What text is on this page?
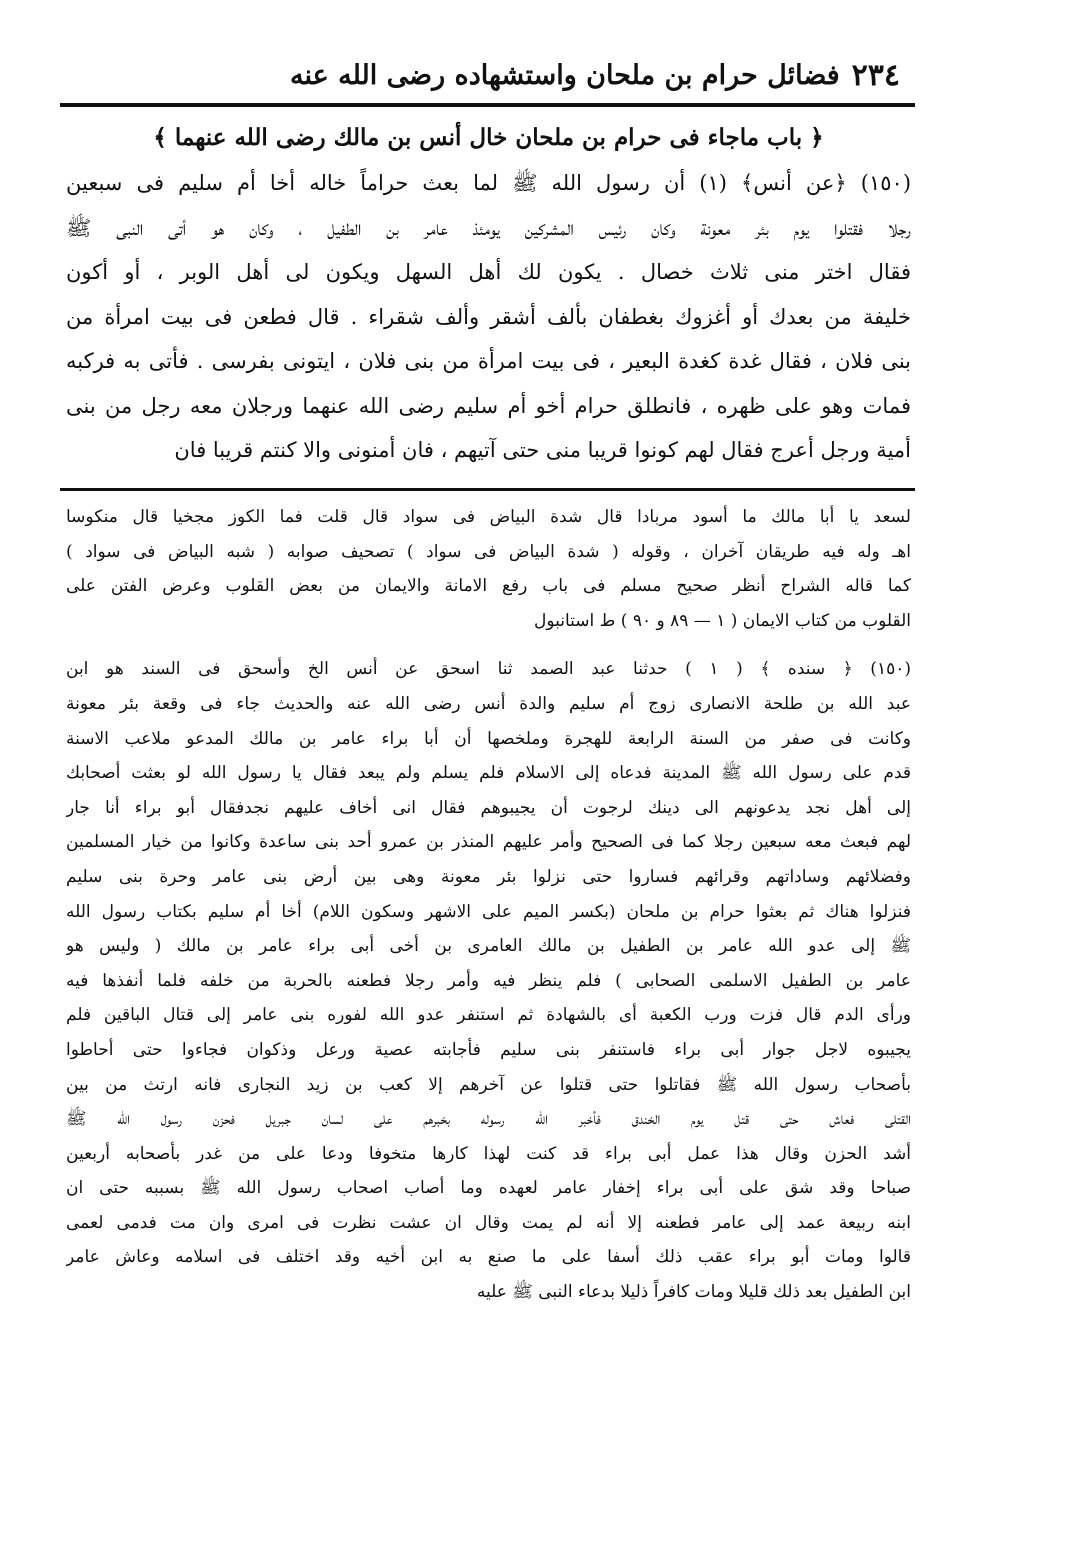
٢٣٤
فضائل حرام بن ملحان واستشهاده رضى الله عنه

﴿ باب ماجاء فى حرام بن ملحان خال أنس بن مالك رضى الله عنهما ﴾

(١٥٠) ﴿عن أنس﴾ (١) أن رسول الله ﷺ لما بعث حراماً خاله أخا أم سليم فى سبعين

رجلا فقتلوا يوم بئر معونة وكان رئيس المشركين يومئذ عامر بن الطفيل ، وكان هو أتى النبى ﷺ

فقال اختر منى ثلاث خصال . يكون لك أهل السهل ويكون لى أهل الوبر ، أو أكون

خليفة من بعدك أو أغزوك بغطفان بألف أشقر وألف شقراء . قال فطعن فى بيت امرأة من

بنى فلان ، فقال غدة كغدة البعير ، فى بيت امرأة من بنى فلان ، ايتونى بفرسى . فأتى به فركبه

فمات وهو على ظهره ، فانطلق حرام أخو أم سليم رضى الله عنهما ورجلان معه رجل من بنى

أمية ورجل أعرج فقال لهم كونوا قريبا منى حتى آتيهم ، فان أمنونى والا كنتم قريبا فان

لسعد يا أبا مالك ما أسود مربادا قال شدة البياض فى سواد قال قلت فما الكوز مجخيا قال منكوسا

اهـ وله فيه طريقان آخران ، وقوله ( شدة البياض فى سواد ) تصحيف صوابه ( شبه البياض فى سواد )

كما قاله الشراح أنظر صحيح مسلم فى باب رفع الامانة والايمان من بعض القلوب وعرض الفتن على

القلوب من كتاب الايمان ( ١ — ٨٩ و ٩٠ ) ط استانبول

(١٥٠) ﴿ سنده ﴾ ( ١ ) حدثنا عبد الصمد ثنا اسحق عن أنس الخ وأسحق فى السند هو ابن

عبد الله بن طلحة الانصارى زوج أم سليم والدة أنس رضى الله عنه والحديث جاء فى وقعة بئر معونة

وكانت فى صفر من السنة الرابعة للهجرة وملخصها أن أبا براء عامر بن مالك المدعو ملاعب الاسنة

قدم على رسول الله ﷺ المدينة فدعاه إلى الاسلام فلم يسلم ولم يبعد فقال يا رسول الله لو بعثت أصحابك

إلى أهل نجد يدعونهم الى دينك لرجوت أن يجيبوهم فقال انى أخاف عليهم نجدفقال أبو براء أنا جار

لهم فبعث معه سبعين رجلا كما فى الصحيح وأمر عليهم المنذر بن عمرو أحد بنى ساعدة وكانوا من خيار المسلمين

وفضلائهم وساداتهم وقرائهم فساروا حتى نزلوا بئر معونة وهى بين أرض بنى عامر وحرة بنى سليم

فنزلوا هناك ثم بعثوا حرام بن ملحان (بكسر الميم على الاشهر وسكون اللام) أخا أم سليم بكتاب رسول الله

ﷺ إلى عدو الله عامر بن الطفيل بن مالك العامرى بن أخى أبى براء عامر بن مالك ( وليس هو

عامر بن الطفيل الاسلمى الصحابى ) فلم ينظر فيه وأمر رجلا فطعنه بالحربة من خلفه فلما أنفذها فيه

ورأى الدم قال فزت ورب الكعبة أى بالشهادة ثم استنفر عدو الله لفوره بنى عامر إلى قتال الباقين فلم

يجيبوه لاجل جوار أبى براء فاستنفر بنى سليم فأجابته عصية ورعل وذكوان فجاءوا حتى أحاطوا

بأصحاب رسول الله ﷺ فقاتلوا حتى قتلوا عن آخرهم إلا كعب بن زيد النجارى فانه ارتث من بين

القتلى فعاش حتى قتل يوم الخندق فأخبر الله رسوله بخبرهم على لسان جبريل فحزن رسول الله ﷺ

أشد الحزن وقال هذا عمل أبى براء قد كنت لهذا كارها متخوفا ودعا على من غدر بأصحابه أربعين

صباحا وقد شق على أبى براء إخفار عامر لعهده وما أصاب اصحاب رسول الله ﷺ بسببه حتى ان

ابنه ربيعة عمد إلى عامر فطعنه إلا أنه لم يمت وقال ان عشت نظرت فى امرى وان مت فدمى لعمى

قالوا ومات أبو براء عقب ذلك أسفا على ما صنع به ابن أخيه وقد اختلف فى اسلامه وعاش عامر

ابن الطفيل بعد ذلك قليلا ومات كافراً ذليلا بدعاء النبى ﷺ عليه
